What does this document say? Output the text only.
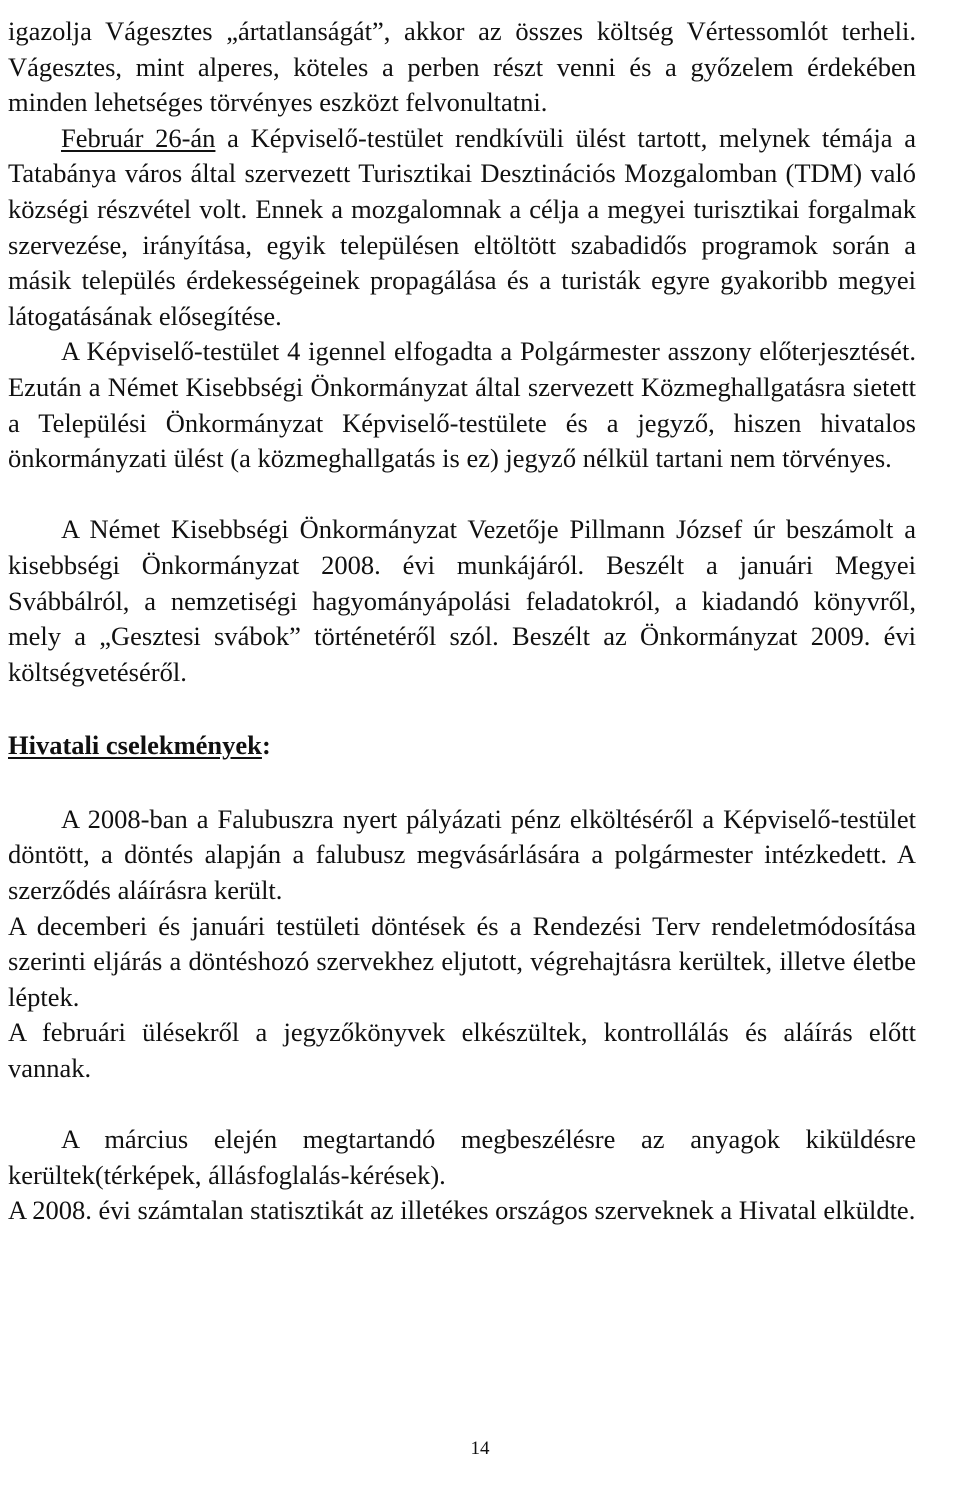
igazolja Vágesztes „ártatlanságát”, akkor az összes költség Vértessomlót terheli. Vágesztes, mint alperes, köteles a perben részt venni és a győzelem érdekében minden lehetséges törvényes eszközt felvonultatni.

Február 26-án a Képviselő-testület rendkívüli ülést tartott, melynek témája a Tatabánya város által szervezett Turisztikai Desztinációs Mozgalomban (TDM) való községi részvétel volt. Ennek a mozgalomnak a célja a megyei turisztikai forgalmak szervezése, irányítása, egyik településen eltöltött szabadidős programok során a másik település érdekességeinek propagálása és a turisták egyre gyakoribb megyei látogatásának elősegítése.

A Képviselő-testület 4 igennel elfogadta a Polgármester asszony előterjesztését. Ezután a Német Kisebbségi Önkormányzat által szervezett Közmeghallgatásra sietett a Települési Önkormányzat Képviselő-testülete és a jegyző, hiszen hivatalos önkormányzati ülést (a közmeghallgatás is ez) jegyző nélkül tartani nem törvényes.

A Német Kisebbségi Önkormányzat Vezetője Pillmann József úr beszámolt a kisebbségi Önkormányzat 2008. évi munkájáról. Beszélt a januári Megyei Svábbálról, a nemzetiségi hagyományápolási feladatokról, a kiadandó könyvről, mely a „Gesztesi svábok” történetéről szól. Beszélt az Önkormányzat 2009. évi költségvetéséről.

Hivatali cselekmények:

A 2008-ban a Falubuszra nyert pályázati pénz elköltéséről a Képviselő-testület döntött, a döntés alapján a falubusz megvásárlására a polgármester intézkedett. A szerződés aláírásra került.

A decemberi és januári testületi döntések és a Rendezési Terv rendeletmódosítása szerinti eljárás a döntéshozó szervekhez eljutott, végrehajtásra kerültek, illetve életbe léptek.

A februári ülésekről a jegyzőkönyvek elkészültek, kontrollálás és aláírás előtt vannak.

A március elején megtartandó megbeszélésre az anyagok kiküldésre kerültek(térképek, állásfoglalás-kérések).

A 2008. évi számtalan statisztikát az illetékes országos szerveknek a Hivatal elküldte.

14
